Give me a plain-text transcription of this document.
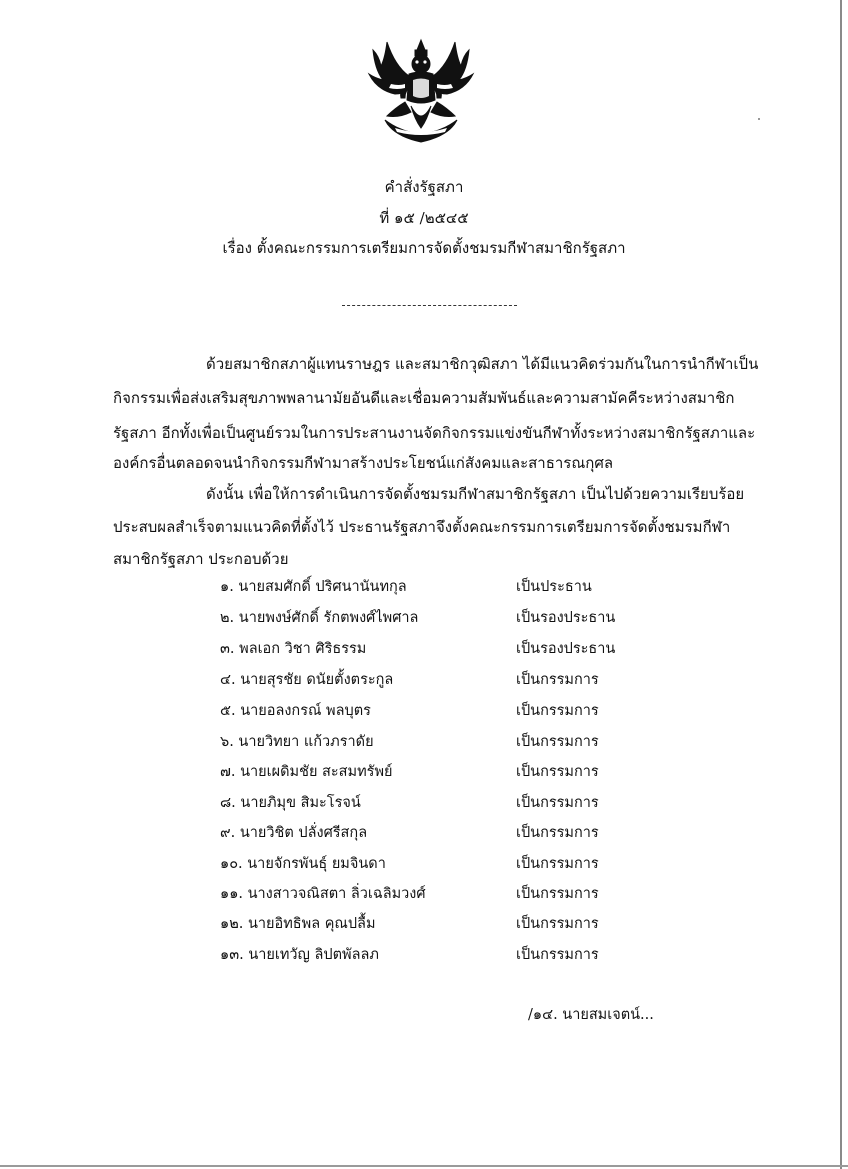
คำสั่งรัฐสภา
ที่ ๑๕ /๒๕๔๕
เรื่อง ตั้งคณะกรรมการเตรียมการจัดตั้งชมรมกีฬาสมาชิกรัฐสภา
ด้วยสมาชิกสภาผู้แทนราษฎร และสมาชิกวุฒิสภา ได้มีแนวคิดร่วมกันในการนำกีฬาเป็น
กิจกรรมเพื่อส่งเสริมสุขภาพพลานามัยอันดีและเชื่อมความสัมพันธ์และความสามัคคีระหว่างสมาชิก
รัฐสภา อีกทั้งเพื่อเป็นศูนย์รวมในการประสานงานจัดกิจกรรมแข่งขันกีฬาทั้งระหว่างสมาชิกรัฐสภาและ
องค์กรอื่นตลอดจนนำกิจกรรมกีฬามาสร้างประโยชน์แก่สังคมและสาธารณกุศล
ดังนั้น เพื่อให้การดำเนินการจัดตั้งชมรมกีฬาสมาชิกรัฐสภา เป็นไปด้วยความเรียบร้อย
ประสบผลสำเร็จตามแนวคิดที่ตั้งไว้ ประธานรัฐสภาจึงตั้งคณะกรรมการเตรียมการจัดตั้งชมรมกีฬา
สมาชิกรัฐสภา ประกอบด้วย
๑. นายสมศักดิ์ ปริศนานันทกุล	เป็นประธาน
๒. นายพงษ์ศักดิ์ รักตพงศ์ไพศาล	เป็นรองประธาน
๓. พลเอก วิชา ศิริธรรม	เป็นรองประธาน
๔. นายสุรชัย ดนัยตั้งตระกูล	เป็นกรรมการ
๕. นายอลงกรณ์ พลบุตร	เป็นกรรมการ
๖. นายวิทยา แก้วภราดัย	เป็นกรรมการ
๗. นายเผดิมชัย สะสมทรัพย์	เป็นกรรมการ
๘. นายภิมุข สิมะโรจน์	เป็นกรรมการ
๙. นายวิชิต ปลั่งศรีสกุล	เป็นกรรมการ
๑๐. นายจักรพันธุ์ ยมจินดา	เป็นกรรมการ
๑๑. นางสาวจณิสตา ลิ่วเฉลิมวงศ์	เป็นกรรมการ
๑๒. นายอิทธิพล คุณปลื้ม	เป็นกรรมการ
๑๓. นายเทวัญ ลิปตพัลลภ	เป็นกรรมการ
/๑๔. นายสมเจตน์...
